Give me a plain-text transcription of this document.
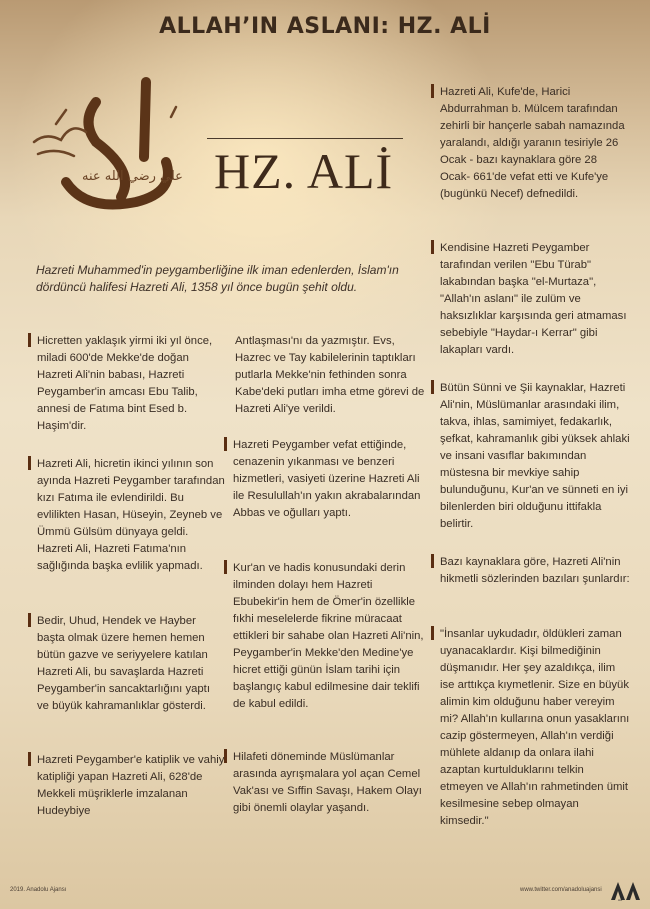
ALLAH’IN ASLANI: HZ. ALİ
علي رضي الله عنه HZ. ALİ
Hazreti Muhammed'in peygamberliğine ilk iman edenlerden, İslam'ın dördüncü halifesi Hazreti Ali, 1358 yıl önce bugün şehit oldu.
Hicretten yaklaşık yirmi iki yıl önce, miladi 600'de Mekke'de doğan Hazreti Ali'nin babası, Hazreti Peygamber'in amcası Ebu Talib, annesi de Fatıma bint Esed b. Haşim'dir.
Hazreti Ali, hicretin ikinci yılının son ayında Hazreti Peygamber tarafından kızı Fatıma ile evlendirildi. Bu evlilikten Hasan, Hüseyin, Zeyneb ve Ümmü Gülsüm dünyaya geldi. Hazreti Ali, Hazreti Fatıma'nın sağlığında başka evlilik yapmadı.
Bedir, Uhud, Hendek ve Hayber başta olmak üzere hemen hemen bütün gazve ve seriyyelere katılan Hazreti Ali, bu savaşlarda Hazreti Peygamber'in sancaktarlığını yaptı ve büyük kahramanlıklar gösterdi.
Hazreti Peygamber'e katiplik ve vahiy katipliği yapan Hazreti Ali, 628'de Mekkeli müşriklerle imzalanan Hudeybiye
Antlaşması'nı da yazmıştır. Evs, Hazrec ve Tay kabilelerinin taptıkları putlarla Mekke'nin fethinden sonra Kabe'deki putları imha etme görevi de Hazreti Ali'ye verildi.
Hazreti Peygamber vefat ettiğinde, cenazenin yıkanması ve benzeri hizmetleri, vasiyeti üzerine Hazreti Ali ile Resulullah'ın yakın akrabalarından Abbas ve oğulları yaptı.
Kur'an ve hadis konusundaki derin ilminden dolayı hem Hazreti Ebubekir'in hem de Ömer'in özellikle fıkhi meselelerde fikrine müracaat ettikleri bir sahabe olan Hazreti Ali'nin, Peygamber'in Mekke'den Medine'ye hicret ettiği günün İslam tarihi için başlangıç kabul edilmesine dair teklifi de kabul edildi.
Hilafeti döneminde Müslümanlar arasında ayrışmalara yol açan Cemel Vak'ası ve Sıffin Savaşı, Hakem Olayı gibi önemli olaylar yaşandı.
Hazreti Ali, Kufe'de, Harici Abdurrahman b. Mülcem tarafından zehirli bir hançerle sabah namazında yaralandı, aldığı yaranın tesiriyle 26 Ocak - bazı kaynaklara göre 28 Ocak- 661'de vefat etti ve Kufe'ye (bugünkü Necef) defnedildi.
Kendisine Hazreti Peygamber tarafından verilen "Ebu Türab" lakabından başka "el-Murtaza", "Allah'ın aslanı" ile zulüm ve haksızlıklar karşısında geri atmaması sebebiyle "Haydar-ı Kerrar" gibi lakapları vardı.
Bütün Sünni ve Şii kaynaklar, Hazreti Ali'nin, Müslümanlar arasındaki ilim, takva, ihlas, samimiyet, fedakarlık, şefkat, kahramanlık gibi yüksek ahlaki ve insani vasıflar bakımından müstesna bir mevkiye sahip bulunduğunu, Kur'an ve sünneti en iyi bilenlerden biri olduğunu ittifakla belirtir.
Bazı kaynaklara göre, Hazreti Ali'nin hikmetli sözlerinden bazıları şunlardır:
"İnsanlar uykudadır, öldükleri zaman uyanacaklardır. Kişi bilmediğinin düşmanıdır. Her şey azaldıkça, ilim ise arttıkça kıymetlenir. Size en büyük alimin kim olduğunu haber vereyim mi? Allah'ın kullarına onun yasaklarını cazip göstermeyen, Allah'ın verdiği mühlete aldanıp da onlara ilahi azaptan kurtulduklarını telkin etmeyen ve Allah'ın rahmetinden ümit kesilmesine sebep olmayan kimsedir."
2019. Anadolu Ajansı	www.twitter.com/anadoluajansi
AA
